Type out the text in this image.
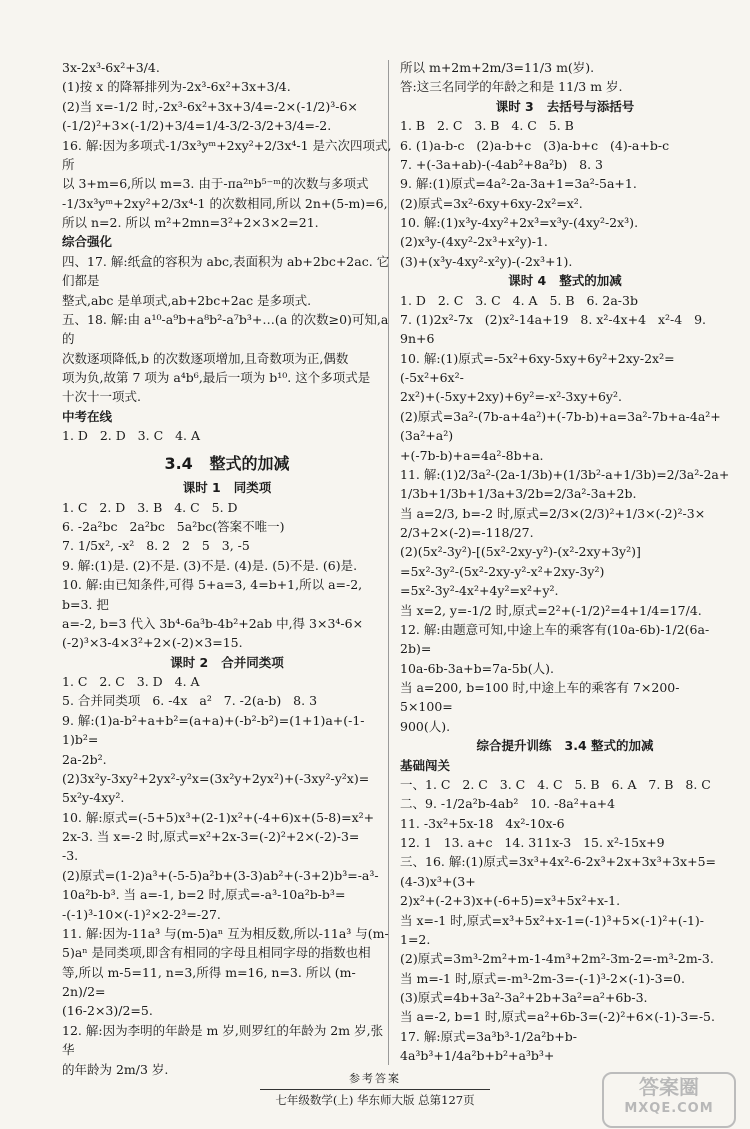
3x-2x³-6x²+3/4.
(1)按 x 的降幂排列为-2x³-6x²+3x+3/4.
(2)当 x=-1/2 时,-2x³-6x²+3x+3/4=-2×(-1/2)³-6×
(-1/2)²+3×(-1/2)+3/4=1/4-3/2-3/2+3/4=-2.
16. 解:因为多项式-1/3x³yᵐ+2xy²+2/3x⁴-1 是六次四项式,所
以 3+m=6,所以 m=3. 由于-πa²ⁿb⁵⁻ᵐ的次数与多项式
-1/3x³yᵐ+2xy²+2/3x⁴-1 的次数相同,所以 2n+(5-m)=6,
所以 n=2. 所以 m²+2mn=3²+2×3×2=21.
综合强化
四、17. 解:纸盒的容积为 abc,表面积为 ab+2bc+2ac. 它们都是
整式,abc 是单项式,ab+2bc+2ac 是多项式.
五、18. 解:由 a¹⁰-a⁹b+a⁸b²-a⁷b³+…(a 的次数≥0)可知,a 的
次数逐项降低,b 的次数逐项增加,且奇数项为正,偶数
项为负,故第 7 项为 a⁴b⁶,最后一项为 b¹⁰. 这个多项式是
十次十一项式.
中考在线
1. D   2. D   3. C   4. A
3.4   整式的加减
课时 1   同类项
1. C   2. D   3. B   4. C   5. D
6. -2a²bc   2a²bc   5a²bc(答案不唯一)
7. 1/5x², -x²   8. 2   2   5   3, -5
9. 解:(1)是. (2)不是. (3)不是. (4)是. (5)不是. (6)是.
10. 解:由已知条件,可得 5+a=3, 4=b+1,所以 a=-2, b=3. 把
a=-2, b=3 代入 3b⁴-6a³b-4b²+2ab 中,得 3×3⁴-6×
(-2)³×3-4×3²+2×(-2)×3=15.
课时 2   合并同类项
1. C   2. C   3. D   4. A
5. 合并同类项   6. -4x   a²   7. -2(a-b)   8. 3
9. 解:(1)a-b²+a+b²=(a+a)+(-b²-b²)=(1+1)a+(-1-1)b²=
2a-2b².
(2)3x²y-3xy²+2yx²-y²x=(3x²y+2yx²)+(-3xy²-y²x)=
5x²y-4xy².
10. 解:原式=(-5+5)x³+(2-1)x²+(-4+6)x+(5-8)=x²+
2x-3. 当 x=-2 时,原式=x²+2x-3=(-2)²+2×(-2)-3=
-3.
(2)原式=(1-2)a³+(-5-5)a²b+(3-3)ab²+(-3+2)b³=-a³-
10a²b-b³. 当 a=-1, b=2 时,原式=-a³-10a²b-b³=
-(-1)³-10×(-1)²×2-2³=-27.
11. 解:因为-11a³ 与(m-5)aⁿ 互为相反数,所以-11a³ 与(m-
5)aⁿ 是同类项,即含有相同的字母且相同字母的指数也相
等,所以 m-5=11, n=3,所得 m=16, n=3. 所以 (m-2n)/2=
(16-2×3)/2=5.
12. 解:因为李明的年龄是 m 岁,则罗红的年龄为 2m 岁,张华
的年龄为 2m/3 岁.
所以 m+2m+2m/3=11/3 m(岁).
答:这三名同学的年龄之和是 11/3 m 岁.
课时 3   去括号与添括号
1. B   2. C   3. B   4. C   5. B
6. (1)a-b-c   (2)a-b+c   (3)a-b+c   (4)-a+b-c
7. +(-3a+ab)-(-4ab²+8a²b)   8. 3
9. 解:(1)原式=4a²-2a-3a+1=3a²-5a+1.
(2)原式=3x²-6xy+6xy-2x²=x².
10. 解:(1)x³y-4xy²+2x³=x³y-(4xy²-2x³).
(2)x³y-(4xy²-2x³+x²y)-1.
(3)+(x³y-4xy²-x²y)-(-2x³+1).
课时 4   整式的加减
1. D   2. C   3. C   4. A   5. B   6. 2a-3b
7. (1)2x²-7x   (2)x²-14a+19   8. x²-4x+4   x²-4   9. 9n+6
10. 解:(1)原式=-5x²+6xy-5xy+6y²+2xy-2x²=(-5x²+6x²-
2x²)+(-5xy+2xy)+6y²=-x²-3xy+6y².
(2)原式=3a²-(7b-a+4a²)+(-7b-b)+a=3a²-7b+a-4a²+(3a²+a²)
+(-7b-b)+a=4a²-8b+a.
11. 解:(1)2/3a²-(2a-1/3b)+(1/3b²-a+1/3b)=2/3a²-2a+
1/3b+1/3b+1/3a+3/2b=2/3a²-3a+2b.
当 a=2/3, b=-2 时,原式=2/3×(2/3)²+1/3×(-2)²-3×
2/3+2×(-2)=-118/27.
(2)(5x²-3y²)-[(5x²-2xy-y²)-(x²-2xy+3y²)]
=5x²-3y²-(5x²-2xy-y²-x²+2xy-3y²)
=5x²-3y²-4x²+4y²=x²+y².
当 x=2, y=-1/2 时,原式=2²+(-1/2)²=4+1/4=17/4.
12. 解:由题意可知,中途上车的乘客有(10a-6b)-1/2(6a-2b)=
10a-6b-3a+b=7a-5b(人).
当 a=200, b=100 时,中途上车的乘客有 7×200-5×100=
900(人).
综合提升训练   3.4 整式的加减
基础闯关
一、1. C   2. C   3. C   4. C   5. B   6. A   7. B   8. C
二、9. -1/2a²b-4ab²   10. -8a²+a+4
11. -3x²+5x-18   4x²-10x-6
12. 1   13. a+c   14. 311x-3   15. x²-15x+9
三、16. 解:(1)原式=3x³+4x²-6-2x³+2x+3x³+3x+5=(4-3)x³+(3+
2)x²+(-2+3)x+(-6+5)=x³+5x²+x-1.
当 x=-1 时,原式=x³+5x²+x-1=(-1)³+5×(-1)²+(-1)-
1=2.
(2)原式=3m³-2m²+m-1-4m³+2m²-3m-2=-m³-2m-3.
当 m=-1 时,原式=-m³-2m-3=-(-1)³-2×(-1)-3=0.
(3)原式=4b+3a²-3a²+2b+3a²=a²+6b-3.
当 a=-2, b=1 时,原式=a²+6b-3=(-2)²+6×(-1)-3=-5.
17. 解:原式=3a³b³-1/2a²b+b-4a³b³+1/4a²b+b²+a³b³+
参考答案
七年级数学(上) 华东师大版 总第127页
答案圈
MXQE.COM
